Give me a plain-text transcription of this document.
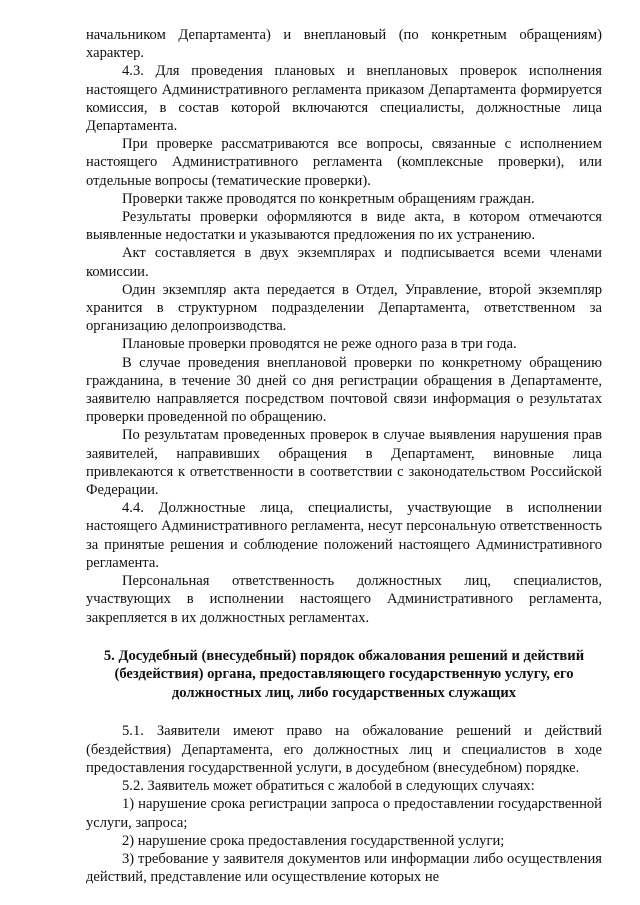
начальником Департамента) и внеплановый (по конкретным обращениям) характер.

4.3. Для проведения плановых и внеплановых проверок исполнения настоящего Административного регламента приказом Департамента формируется комиссия, в состав которой включаются специалисты, должностные лица Департамента.

При проверке рассматриваются все вопросы, связанные с исполнением настоящего Административного регламента (комплексные проверки), или отдельные вопросы (тематические проверки).

Проверки также проводятся по конкретным обращениям граждан.

Результаты проверки оформляются в виде акта, в котором отмечаются выявленные недостатки и указываются предложения по их устранению.

Акт составляется в двух экземплярах и подписывается всеми членами комиссии.

Один экземпляр акта передается в Отдел, Управление, второй экземпляр хранится в структурном подразделении Департамента, ответственном за организацию делопроизводства.

Плановые проверки проводятся не реже одного раза в три года.

В случае проведения внеплановой проверки по конкретному обращению гражданина, в течение 30 дней со дня регистрации обращения в Департаменте, заявителю направляется посредством почтовой связи информация о результатах проверки проведенной по обращению.

По результатам проведенных проверок в случае выявления нарушения прав заявителей, направивших обращения в Департамент, виновные лица привлекаются к ответственности в соответствии с законодательством Российской Федерации.

4.4. Должностные лица, специалисты, участвующие в исполнении настоящего Административного регламента, несут персональную ответственность за принятые решения и соблюдение положений настоящего Административного регламента.

Персональная ответственность должностных лиц, специалистов, участвующих в исполнении настоящего Административного регламента, закрепляется в их должностных регламентах.

5. Досудебный (внесудебный) порядок обжалования решений и действий (бездействия) органа, предоставляющего государственную услугу, его должностных лиц, либо государственных служащих

5.1. Заявители имеют право на обжалование решений и действий (бездействия) Департамента, его должностных лиц и специалистов в ходе предоставления государственной услуги, в досудебном (внесудебном) порядке.

5.2. Заявитель может обратиться с жалобой в следующих случаях:

1) нарушение срока регистрации запроса о предоставлении государственной услуги, запроса;

2) нарушение срока предоставления государственной услуги;

3) требование у заявителя документов или информации либо осуществления действий, представление или осуществление которых не
